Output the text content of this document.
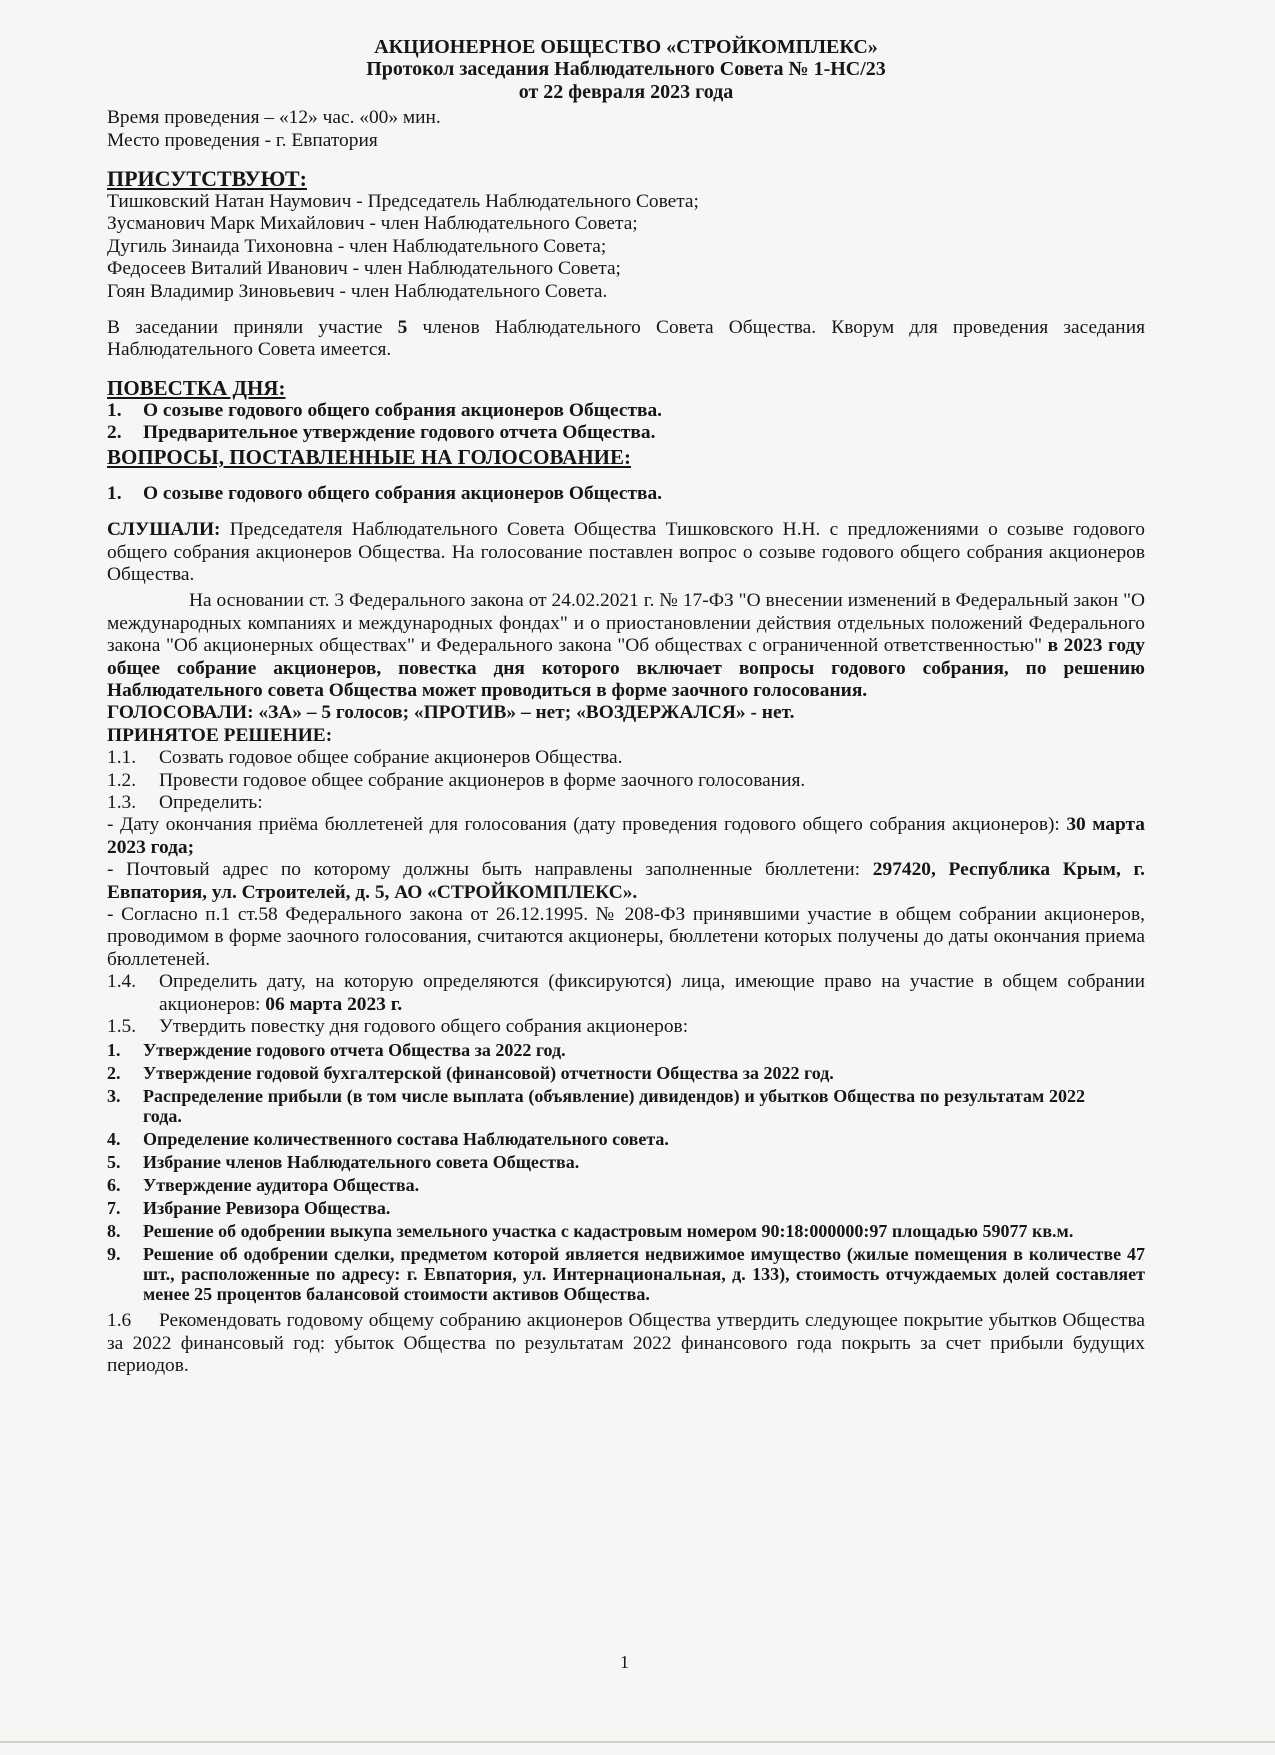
АКЦИОНЕРНОЕ ОБЩЕСТВО «СТРОЙКОМПЛЕКС»

Протокол заседания Наблюдательного Совета № 1-НС/23

от 22 февраля 2023 года

Время проведения – «12» час. «00» мин.

Место проведения - г. Евпатория

ПРИСУТСТВУЮТ:

Тишковский Натан Наумович - Председатель Наблюдательного Совета;

Зусманович Марк Михайлович - член Наблюдательного Совета;

Дугиль Зинаида Тихоновна - член Наблюдательного Совета;

Федосеев Виталий Иванович - член Наблюдательного Совета;

Гоян Владимир Зиновьевич - член Наблюдательного Совета.

В заседании приняли участие 5 членов Наблюдательного Совета Общества. Кворум для проведения заседания Наблюдательного Совета имеется.

ПОВЕСТКА ДНЯ:

1.	О созыве годового общего собрания акционеров Общества.
2.	Предварительное утверждение годового отчета Общества.

ВОПРОСЫ, ПОСТАВЛЕННЫЕ НА ГОЛОСОВАНИЕ:

1.	О созыве годового общего собрания акционеров Общества.

СЛУШАЛИ: Председателя Наблюдательного Совета Общества Тишковского Н.Н. с предложениями о созыве годового общего собрания акционеров Общества. На голосование поставлен вопрос о созыве годового общего собрания акционеров Общества.

На основании ст. 3 Федерального закона от 24.02.2021 г. № 17-ФЗ "О внесении изменений в Федеральный закон "О международных компаниях и международных фондах" и о приостановлении действия отдельных положений Федерального закона "Об акционерных обществах" и Федерального закона "Об обществах с ограниченной ответственностью" в 2023 году общее собрание акционеров, повестка дня которого включает вопросы годового собрания, по решению Наблюдательного совета Общества может проводиться в форме заочного голосования.

ГОЛОСОВАЛИ: «ЗА» – 5 голосов; «ПРОТИВ» – нет; «ВОЗДЕРЖАЛСЯ» - нет.

ПРИНЯТОЕ РЕШЕНИЕ:

1.1.	Созвать годовое общее собрание акционеров Общества.
1.2.	Провести годовое общее собрание акционеров в форме заочного голосования.
1.3.	Определить:

- Дату окончания приёма бюллетеней для голосования (дату проведения годового общего собрания акционеров): 30 марта 2023 года;

- Почтовый адрес по которому должны быть направлены заполненные бюллетени: 297420, Республика Крым, г. Евпатория, ул. Строителей, д. 5, АО «СТРОЙКОМПЛЕКС».

- Согласно п.1 ст.58 Федерального закона от 26.12.1995. № 208-ФЗ принявшими участие в общем собрании акционеров, проводимом в форме заочного голосования, считаются акционеры, бюллетени которых получены до даты окончания приема бюллетеней.

1.4.	Определить дату, на которую определяются (фиксируются) лица, имеющие право на участие в общем собрании акционеров: 06 марта 2023 г.
1.5.	Утвердить повестку дня годового общего собрания акционеров:
1.	Утверждение годового отчета Общества за 2022 год.
2.	Утверждение годовой бухгалтерской (финансовой) отчетности Общества за 2022 год.
3.	Распределение прибыли (в том числе выплата (объявление) дивидендов) и убытков Общества по результатам 2022 года.
4.	Определение количественного состава Наблюдательного совета.
5.	Избрание членов Наблюдательного совета Общества.
6.	Утверждение аудитора Общества.
7.	Избрание Ревизора Общества.
8.	Решение об одобрении выкупа земельного участка с кадастровым номером 90:18:000000:97 площадью 59077 кв.м.
9.	Решение об одобрении сделки, предметом которой является недвижимое имущество (жилые помещения в количестве 47 шт., расположенные по адресу: г. Евпатория, ул. Интернациональная, д. 133), стоимость отчуждаемых долей составляет менее 25 процентов балансовой стоимости активов Общества.
1.6 Рекомендовать годовому общему собранию акционеров Общества утвердить следующее покрытие убытков Общества за 2022 финансовый год: убыток Общества по результатам 2022 финансового года покрыть за счет прибыли будущих периодов.
1
